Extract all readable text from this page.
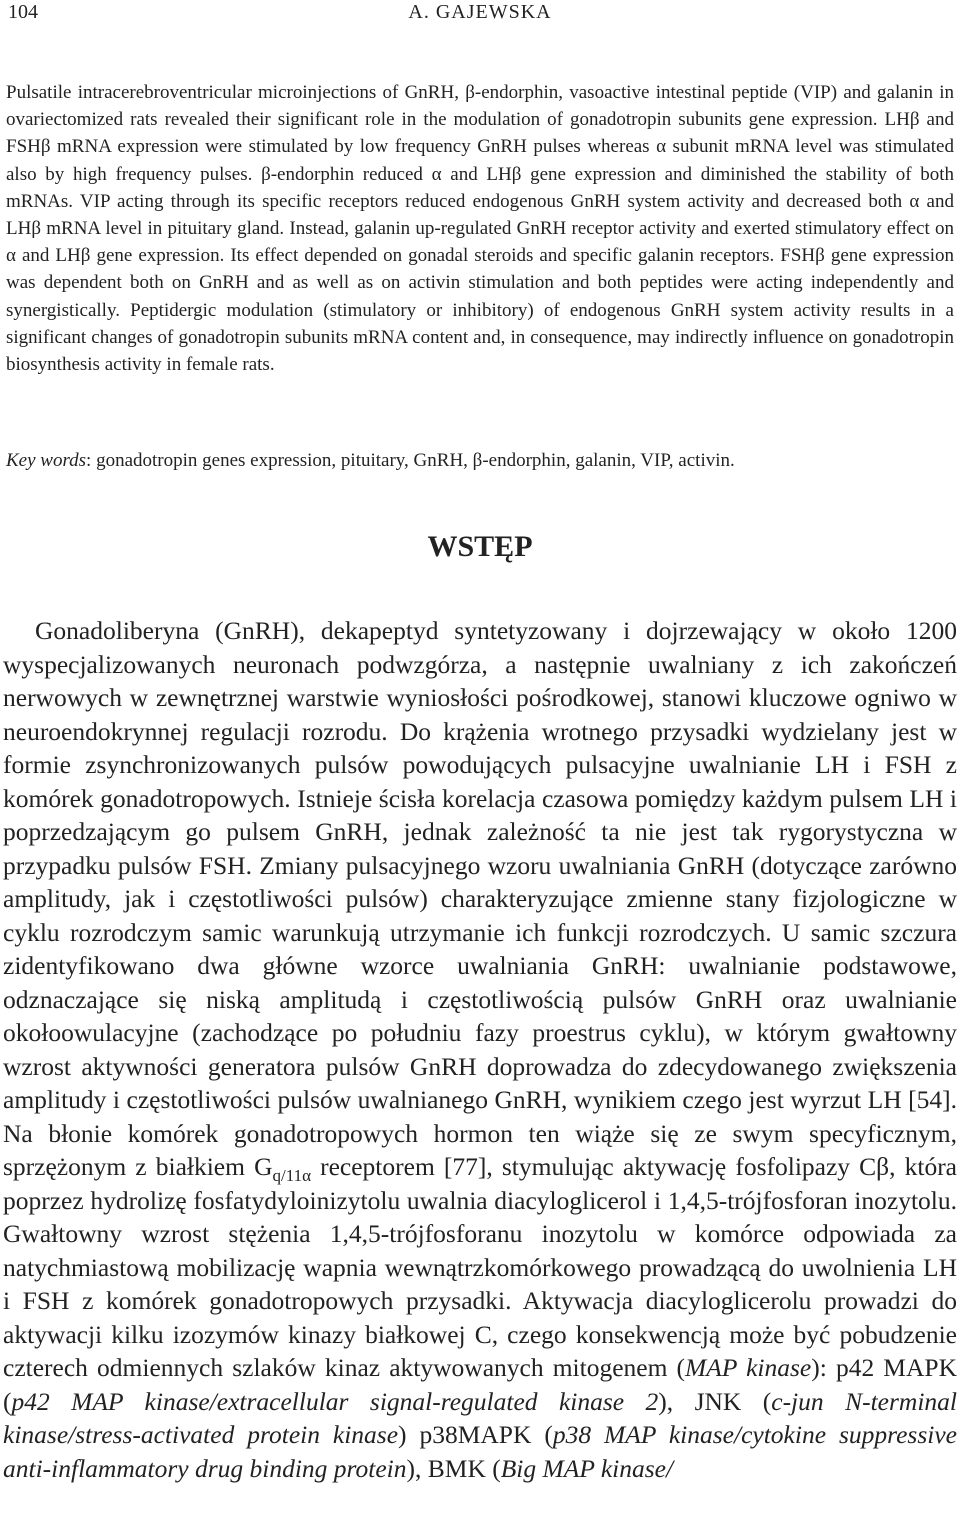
104	A. GAJEWSKA

Pulsatile intracerebroventricular microinjections of GnRH, β-endorphin, vasoactive intestinal peptide (VIP) and galanin in ovariectomized rats revealed their significant role in the modulation of gonadotropin subunits gene expression. LHβ and FSHβ mRNA expression were stimulated by low frequency GnRH pulses whereas α subunit mRNA level was stimulated also by high frequency pulses. β-endorphin reduced α and LHβ gene expression and diminished the stability of both mRNAs. VIP acting through its specific receptors reduced endogenous GnRH system activity and decreased both α and LHβ mRNA level in pituitary gland. Instead, galanin up-regulated GnRH receptor activity and exerted stimulatory effect on α and LHβ gene expression. Its effect depended on gonadal steroids and specific galanin receptors. FSHβ gene expression was dependent both on GnRH and as well as on activin stimulation and both peptides were acting independently and synergistically. Peptidergic modulation (stimulatory or inhibitory) of endogenous GnRH system activity results in a significant changes of gonadotropin subunits mRNA content and, in consequence, may indirectly influence on gonadotropin biosynthesis activity in female rats.

Key words: gonadotropin genes expression, pituitary, GnRH, β-endorphin, galanin, VIP, activin.
WSTĘP

Gonadoliberyna (GnRH), dekapeptyd syntetyzowany i dojrzewający w około 1200 wyspecjalizowanych neuronach podwzgórza, a następnie uwalniany z ich zakończeń nerwowych w zewnętrznej warstwie wyniosłości pośrodkowej, stanowi kluczowe ogniwo w neuroendokrynnej regulacji rozrodu. Do krążenia wrotnego przysadki wydzielany jest w formie zsynchronizowanych pulsów powodujących pulsacyjne uwalnianie LH i FSH z komórek gonadotropowych. Istnieje ścisła korelacja czasowa pomiędzy każdym pulsem LH i poprzedzającym go pulsem GnRH, jednak zależność ta nie jest tak rygorystyczna w przypadku pulsów FSH. Zmiany pulsacyjnego wzoru uwalniania GnRH (dotyczące zarówno amplitudy, jak i częstotliwości pulsów) charakteryzujące zmienne stany fizjologiczne w cyklu rozrodczym samic warunkują utrzymanie ich funkcji rozrodczych. U samic szczura zidentyfikowano dwa główne wzorce uwalniania GnRH: uwalnianie podstawowe, odznaczające się niską amplitudą i częstotliwością pulsów GnRH oraz uwalnianie okołoowulacyjne (zachodzące po południu fazy proestrus cyklu), w którym gwałtowny wzrost aktywności generatora pulsów GnRH doprowadza do zdecydowanego zwiększenia amplitudy i częstotliwości pulsów uwalnianego GnRH, wynikiem czego jest wyrzut LH [54]. Na błonie komórek gonadotropowych hormon ten wiąże się ze swym specyficznym, sprzężonym z białkiem $G_{q/11\alpha}$ receptorem [77], stymulując aktywację fosfolipazy Cβ, która poprzez hydrolizę fosfatydyloinizytolu uwalnia diacyloglicerol i 1,4,5-trójfosforan inozytolu. Gwałtowny wzrost stężenia 1,4,5-trójfosforanu inozytolu w komórce odpowiada za natychmiastową mobilizację wapnia wewnątrzkomórkowego prowadzącą do uwolnienia LH i FSH z komórek gonadotropowych przysadki. Aktywacja diacyloglicerolu prowadzi do aktywacji kilku izozymów kinazy białkowej C, czego konsekwencją może być pobudzenie czterech odmiennych szlaków kinaz aktywowanych mitogenem (MAP kinase): p42 MAPK (p42 MAP kinase/extracellular signal-regulated kinase 2), JNK (c-jun N-terminal kinase/stress-activated protein kinase) p38MAPK (p38 MAP kinase/cytokine suppressive anti-inflammatory drug binding protein), BMK (Big MAP kinase/
